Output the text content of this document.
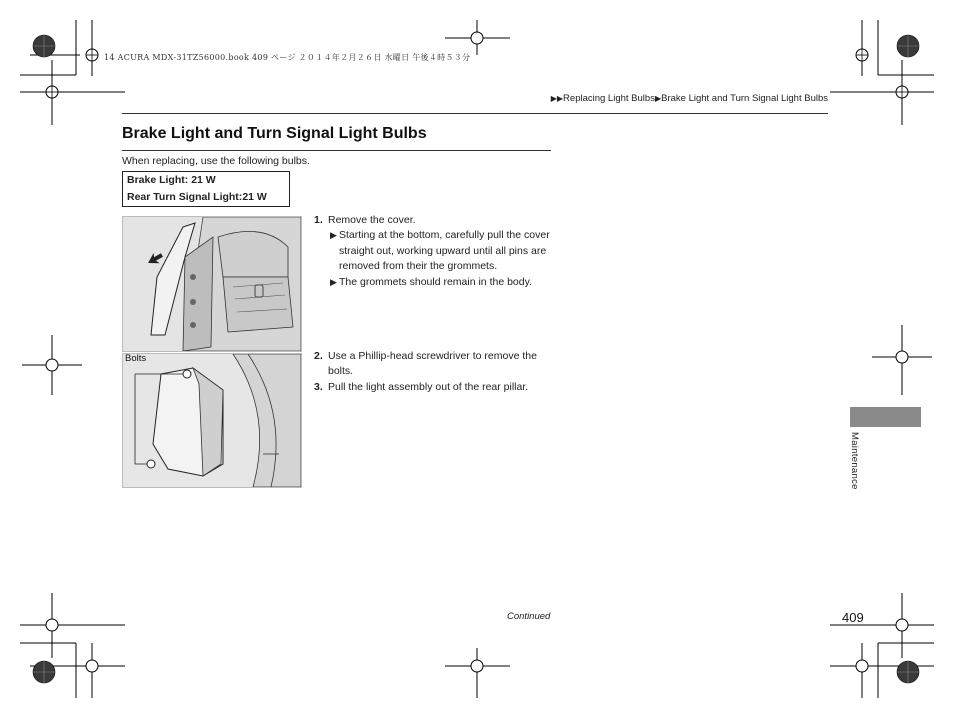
14 ACURA MDX-31TZ56000.book 409 ページ ２０１４年２月２６日 水曜日 午後４時５３分
▶▶Replacing Light Bulbs▶Brake Light and Turn Signal Light Bulbs
Brake Light and Turn Signal Light Bulbs
When replacing, use the following bulbs.
Brake Light:
21 W
Rear Turn Signal Light: 21 W
Bolts
1. Remove the cover.
▶ Starting at the bottom, carefully pull the cover straight out, working upward until all pins are removed from their the grommets.
▶ The grommets should remain in the body.
2. Use a Phillip-head screwdriver to remove the bolts.
3. Pull the light assembly out of the rear pillar.
Maintenance
Continued	409
